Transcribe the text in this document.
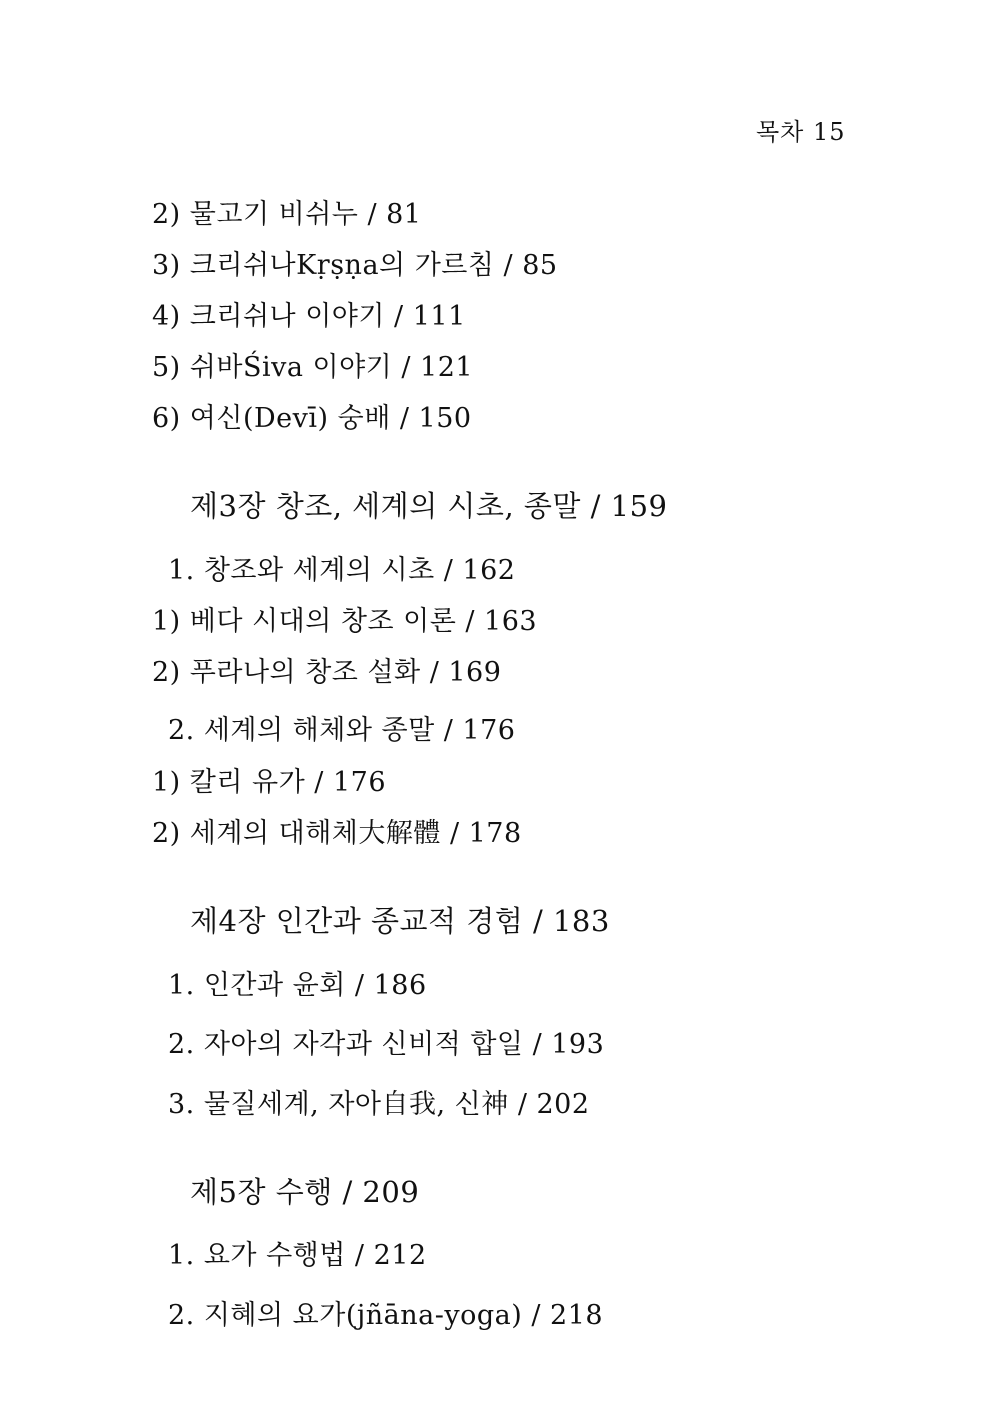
목차 15
2) 물고기 비쉬누 / 81
3) 크리쉬나Kṛṣṇa의 가르침 / 85
4) 크리쉬나 이야기 / 111
5) 쉬바Śiva 이야기 / 121
6) 여신(Devī) 숭배 / 150
제3장 창조, 세계의 시초, 종말 / 159
1. 창조와 세계의 시초 / 162
1) 베다 시대의 창조 이론 / 163
2) 푸라나의 창조 설화 / 169
2. 세계의 해체와 종말 / 176
1) 칼리 유가 / 176
2) 세계의 대해체大解體 / 178
제4장 인간과 종교적 경험 / 183
1. 인간과 윤회 / 186
2. 자아의 자각과 신비적 합일 / 193
3. 물질세계, 자아自我, 신神 / 202
제5장 수행 / 209
1. 요가 수행법 / 212
2. 지혜의 요가(jñāna-yoga) / 218
